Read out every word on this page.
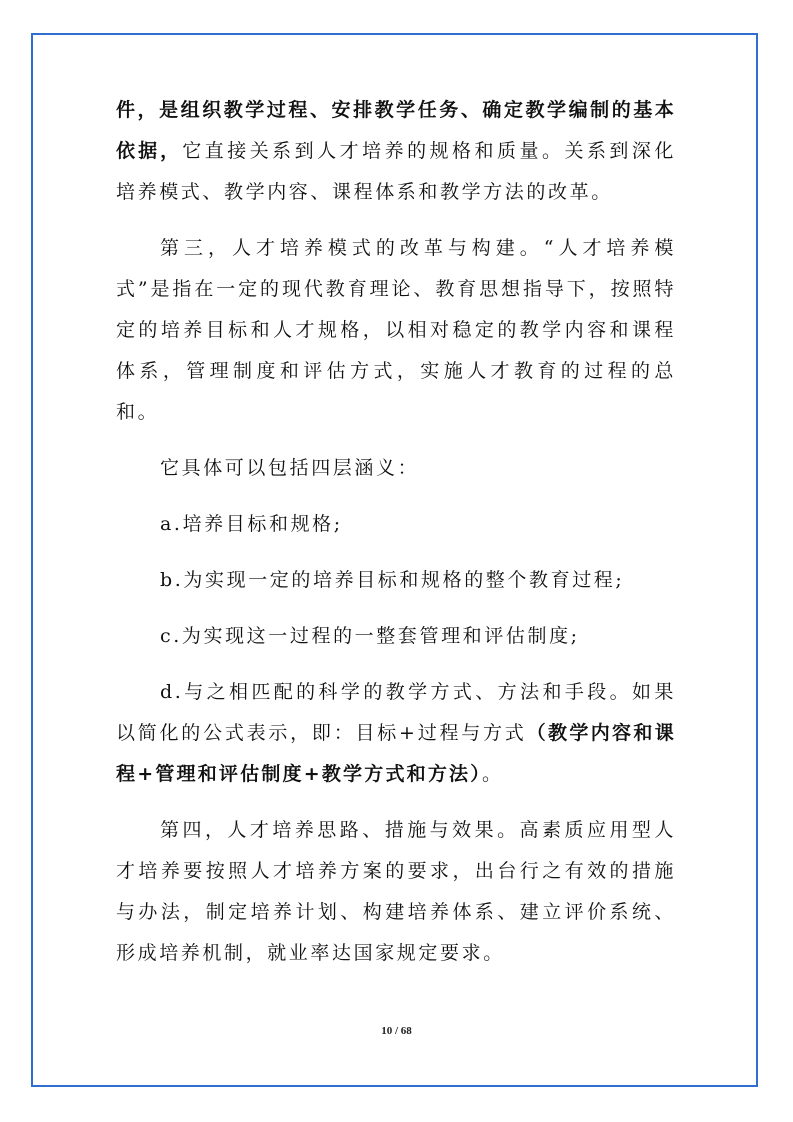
件，是组织教学过程、安排教学任务、确定教学编制的基本依据，它直接关系到人才培养的规格和质量。关系到深化培养模式、教学内容、课程体系和教学方法的改革。

第三，人才培养模式的改革与构建。“人才培养模式”是指在一定的现代教育理论、教育思想指导下，按照特定的培养目标和人才规格，以相对稳定的教学内容和课程体系，管理制度和评估方式，实施人才教育的过程的总和。

它具体可以包括四层涵义：

a.培养目标和规格;

b.为实现一定的培养目标和规格的整个教育过程;

c.为实现这一过程的一整套管理和评估制度;

d.与之相匹配的科学的教学方式、方法和手段。如果以简化的公式表示，即：目标+过程与方式（教学内容和课程+管理和评估制度+教学方式和方法）。

第四，人才培养思路、措施与效果。高素质应用型人才培养要按照人才培养方案的要求，出台行之有效的措施与办法，制定培养计划、构建培养体系、建立评价系统、形成培养机制，就业率达国家规定要求。

10 / 68
